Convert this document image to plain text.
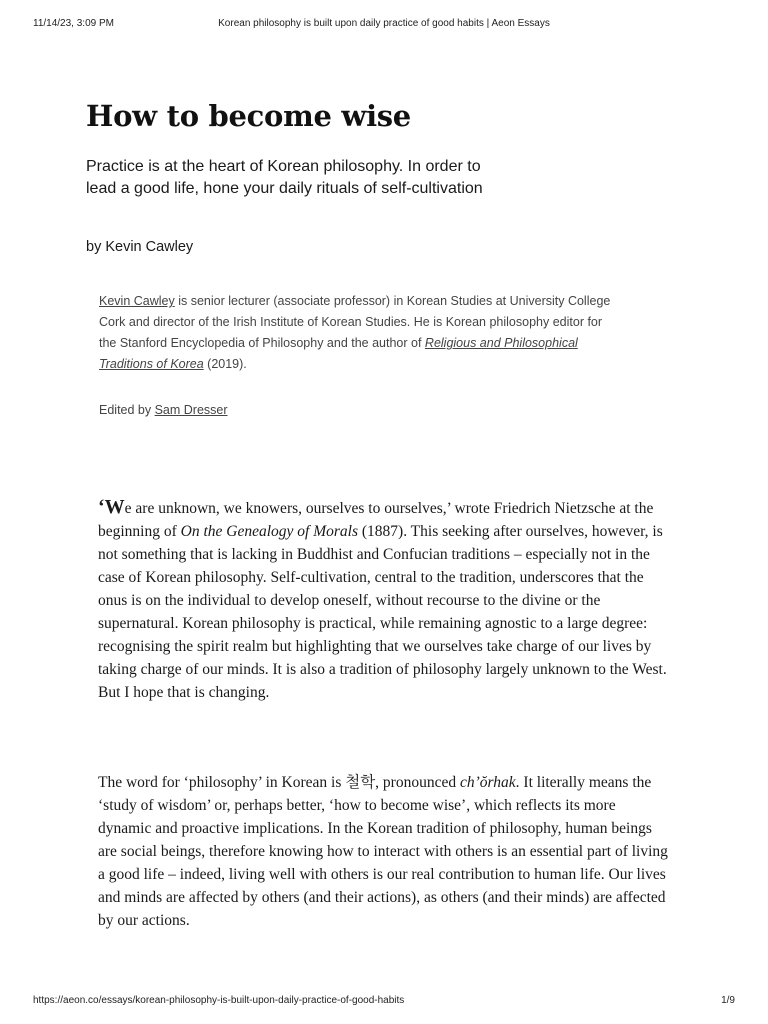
11/14/23, 3:09 PM	Korean philosophy is built upon daily practice of good habits | Aeon Essays
How to become wise

Practice is at the heart of Korean philosophy. In order to lead a good life, hone your daily rituals of self-cultivation

by Kevin Cawley

Kevin Cawley is senior lecturer (associate professor) in Korean Studies at University College Cork and director of the Irish Institute of Korean Studies. He is Korean philosophy editor for the Stanford Encyclopedia of Philosophy and the author of Religious and Philosophical Traditions of Korea (2019).

Edited by Sam Dresser

‘We are unknown, we knowers, ourselves to ourselves,’ wrote Friedrich Nietzsche at the beginning of On the Genealogy of Morals (1887). This seeking after ourselves, however, is not something that is lacking in Buddhist and Confucian traditions – especially not in the case of Korean philosophy. Self-cultivation, central to the tradition, underscores that the onus is on the individual to develop oneself, without recourse to the divine or the supernatural. Korean philosophy is practical, while remaining agnostic to a large degree: recognising the spirit realm but highlighting that we ourselves take charge of our lives by taking charge of our minds. It is also a tradition of philosophy largely unknown to the West. But I hope that is changing.

The word for ‘philosophy’ in Korean is 철학, pronounced ch’ŏrhak. It literally means the ‘study of wisdom’ or, perhaps better, ‘how to become wise’, which reflects its more dynamic and proactive implications. In the Korean tradition of philosophy, human beings are social beings, therefore knowing how to interact with others is an essential part of living a good life – indeed, living well with others is our real contribution to human life. Our lives and minds are affected by others (and their actions), as others (and their minds) are affected by our actions.

https://aeon.co/essays/korean-philosophy-is-built-upon-daily-practice-of-good-habits	1/9
